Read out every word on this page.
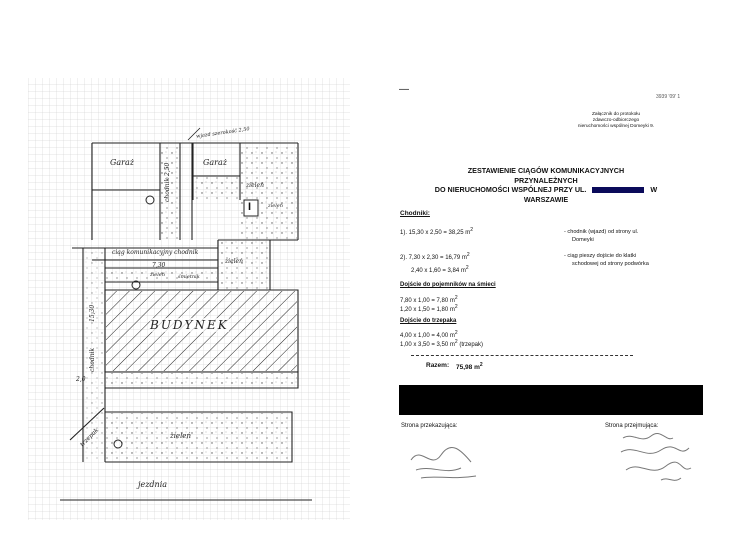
Garaż	Garaż
wjazd szerokość 2,50
chodnik 2,50	zieleń
I	zieleń
ciąg komunikacyjny chodnik
7,30
zieleń
zieleń
śmietnik
BUDYNEK
chodnik
15,30
2,0
trzepak	zieleń
jezdnia
—
3939 '09' 1
Załącznik do protokołu
zdawczo-odbiorczego
nieruchomości wspólnej Domeyki 9.
ZESTAWIENIE CIĄGÓW KOMUNIKACYJNYCH
PRZYNALEŻNYCH
DO NIERUCHOMOŚCI WSPÓLNEJ PRZY UL.	W
WARSZAWIE
Chodniki:
1). 15,30 x 2,50 = 38,25 $m^2$	- chodnik (wjazd) od strony ul.
Domeyki
2). 7,30 x 2,30 = 16,79 $m^2$	- ciąg pieszy dojście do klatki
schodowej od strony podwórka
2,40 x 1,60 = 3,84 $m^2$
Dojście do pojemników na śmieci
7,80 x 1,00 = 7,80 $m^2$
1,20 x 1,50 = 1,80 $m^2$
Dojście do trzepaka
4,00 x 1,00 = 4,00 $m^2$
1,00 x 3,50 = 3,50 $m^2$ (trzepak)
Razem: 75,98 $m^2$
Strona przekazująca:	Strona przejmująca:
